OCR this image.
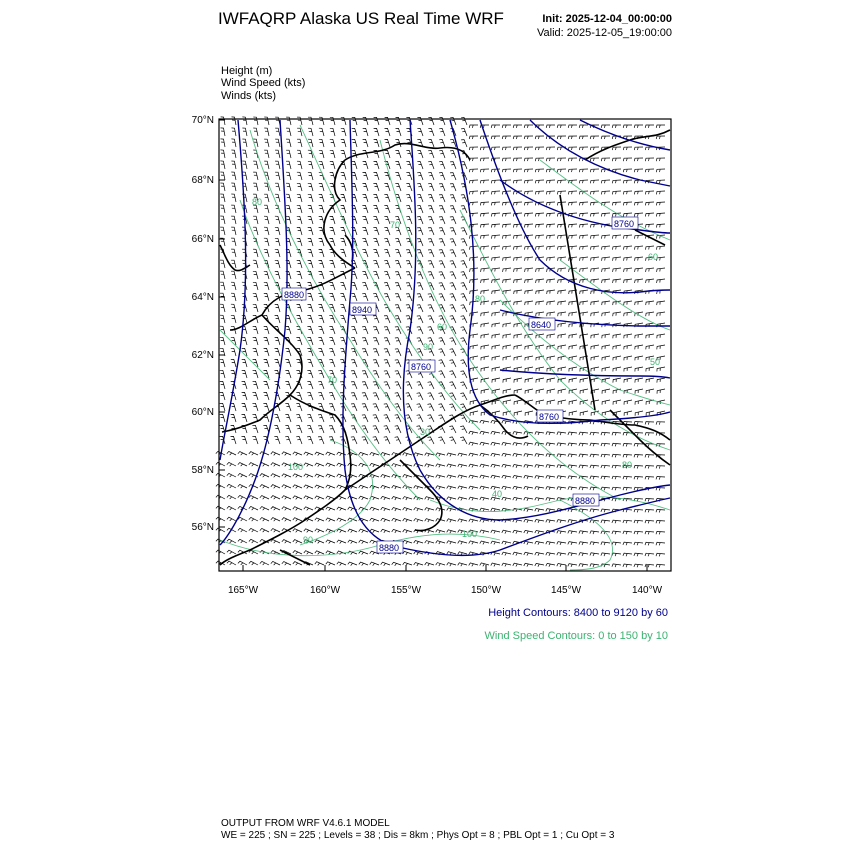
IWFAQRP Alaska US Real Time WRF	Init: 2025-12-04_00:00:00
Valid: 2025-12-05_19:00:00
Height (m)
Wind Speed (kts)
Winds (kts)
8880
8940
8760
8640
8760
8880
8880
8760
80
70
80
60
90
70
60
50
40
100
90
100
30
80
70°N
68°N
66°N
64°N
62°N
60°N
58°N
56°N
165°W	160°W	155°W	150°W	145°W	140°W
Height Contours: 8400 to 9120 by 60
Wind Speed Contours: 0 to 150 by 10
OUTPUT FROM WRF V4.6.1 MODEL
WE = 225 ; SN = 225 ; Levels = 38 ; Dis = 8km ; Phys Opt = 8 ; PBL Opt = 1 ; Cu Opt = 3
